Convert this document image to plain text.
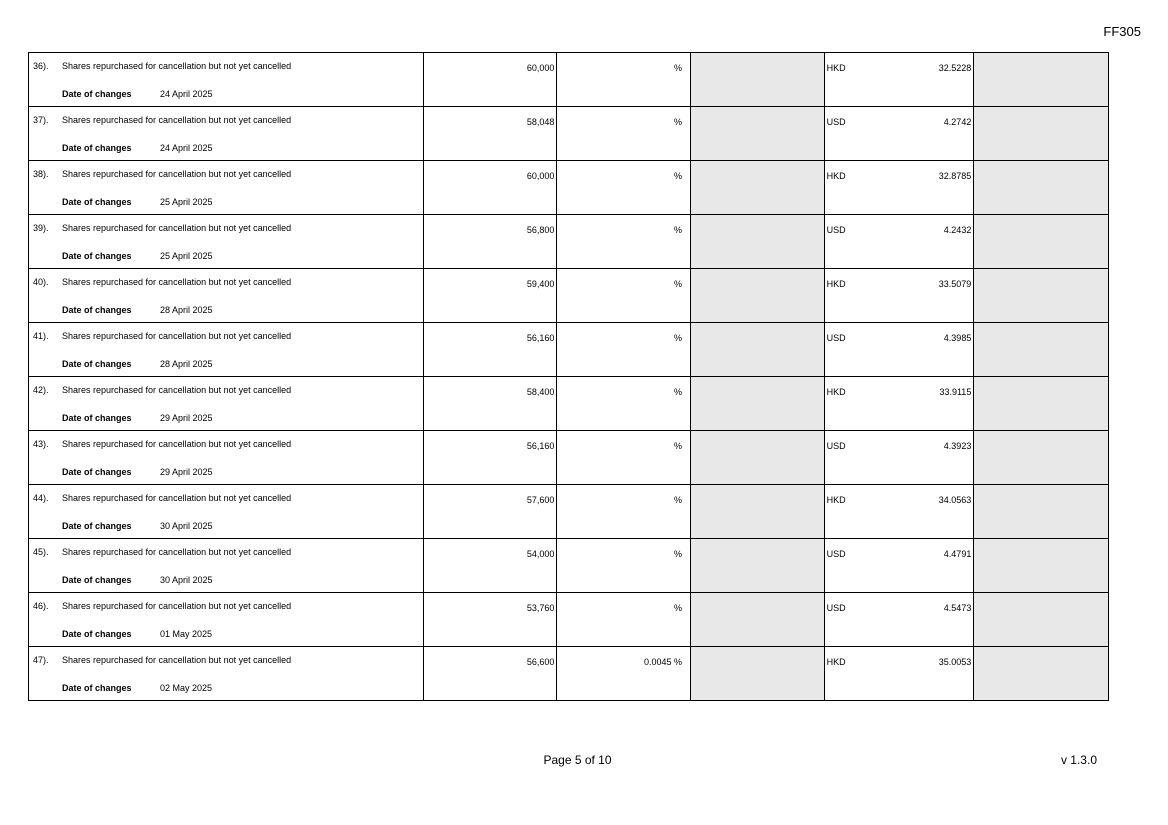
FF305
36). Shares repurchased for cancellation but not yet cancelled
Date of changes 24 April 2025	60,000	%		HKD 32.5228	

37). Shares repurchased for cancellation but not yet cancelled
Date of changes 24 April 2025	58,048	%		USD 4.2742	

38). Shares repurchased for cancellation but not yet cancelled
Date of changes 25 April 2025	60,000	%		HKD 32.8785	

39). Shares repurchased for cancellation but not yet cancelled
Date of changes 25 April 2025	56,800	%		USD 4.2432	

40). Shares repurchased for cancellation but not yet cancelled
Date of changes 28 April 2025	59,400	%		HKD 33.5079	

41). Shares repurchased for cancellation but not yet cancelled
Date of changes 28 April 2025	56,160	%		USD 4.3985	

42). Shares repurchased for cancellation but not yet cancelled
Date of changes 29 April 2025	58,400	%		HKD 33.9115	

43). Shares repurchased for cancellation but not yet cancelled
Date of changes 29 April 2025	56,160	%		USD 4.3923	

44). Shares repurchased for cancellation but not yet cancelled
Date of changes 30 April 2025	57,600	%		HKD 34.0563	

45). Shares repurchased for cancellation but not yet cancelled
Date of changes 30 April 2025	54,000	%		USD 4.4791	

46). Shares repurchased for cancellation but not yet cancelled
Date of changes 01 May 2025	53,760	%		USD 4.5473	

47). Shares repurchased for cancellation but not yet cancelled
Date of changes 02 May 2025	56,600	0.0045 %		HKD 35.0053	

Page 5 of 10	v 1.3.0
